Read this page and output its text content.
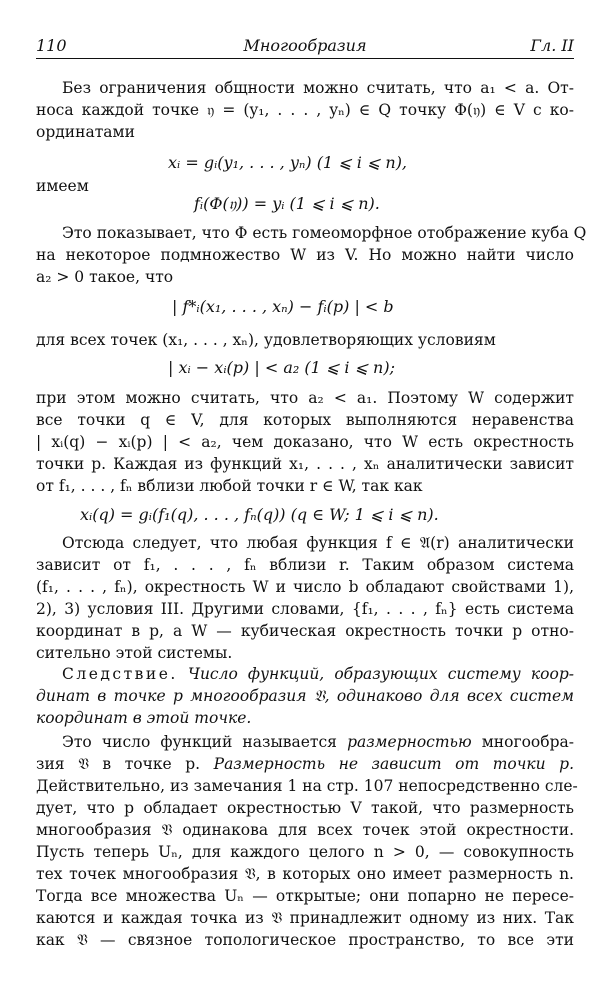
110	Многообразия	Гл. II
Без ограничения общности можно считать, что a₁ < a. От-
носа каждой точке 𝔶 = (y₁, . . . , yₙ) ∈ Q точку Φ(𝔶) ∈ V с ко-
ординатами
xᵢ = gᵢ(y₁, . . . , yₙ) (1 ⩽ i ⩽ n),
имеем
fᵢ(Φ(𝔶)) = yᵢ (1 ⩽ i ⩽ n).
Это показывает, что Φ есть гомеоморфное отображение куба Q
на некоторое подмножество W из V. Но можно найти число
a₂ > 0 такое, что
| f*ᵢ(x₁, . . . , xₙ) − fᵢ(p) | < b
для всех точек (x₁, . . . , xₙ), удовлетворяющих условиям
| xᵢ − xᵢ(p) | < a₂ (1 ⩽ i ⩽ n);
при этом можно считать, что a₂ < a₁. Поэтому W содержит
все точки q ∈ V, для которых выполняются неравенства
| xᵢ(q) − xᵢ(p) | < a₂, чем доказано, что W есть окрестность
точки p. Каждая из функций x₁, . . . , xₙ аналитически зависит
от f₁, . . . , fₙ вблизи любой точки r ∈ W, так как
xᵢ(q) = gᵢ(f₁(q), . . . , fₙ(q)) (q ∈ W; 1 ⩽ i ⩽ n).
Отсюда следует, что любая функция f ∈ 𝔄(r) аналитически
зависит от f₁, . . . , fₙ вблизи r. Таким образом система
(f₁, . . . , fₙ), окрестность W и число b обладают свойствами 1),
2), 3) условия III. Другими словами, {f₁, . . . , fₙ} есть система
координат в p, а W — кубическая окрестность точки p отно-
сительно этой системы.
Следствие. Число функций, образующих систему коор-
динат в точке p многообразия 𝔙, одинаково для всех систем
координат в этой точке.
Это число функций называется размерностью многообра-
зия 𝔙 в точке p. Размерность не зависит от точки p.
Действительно, из замечания 1 на стр. 107 непосредственно сле-
дует, что p обладает окрестностью V такой, что размерность
многообразия 𝔙 одинакова для всех точек этой окрестности.
Пусть теперь Uₙ, для каждого целого n > 0, — совокупность
тех точек многообразия 𝔙, в которых оно имеет размерность n.
Тогда все множества Uₙ — открытые; они попарно не пересе-
каются и каждая точка из 𝔙 принадлежит одному из них. Так
как 𝔙 — связное топологическое пространство, то все эти
